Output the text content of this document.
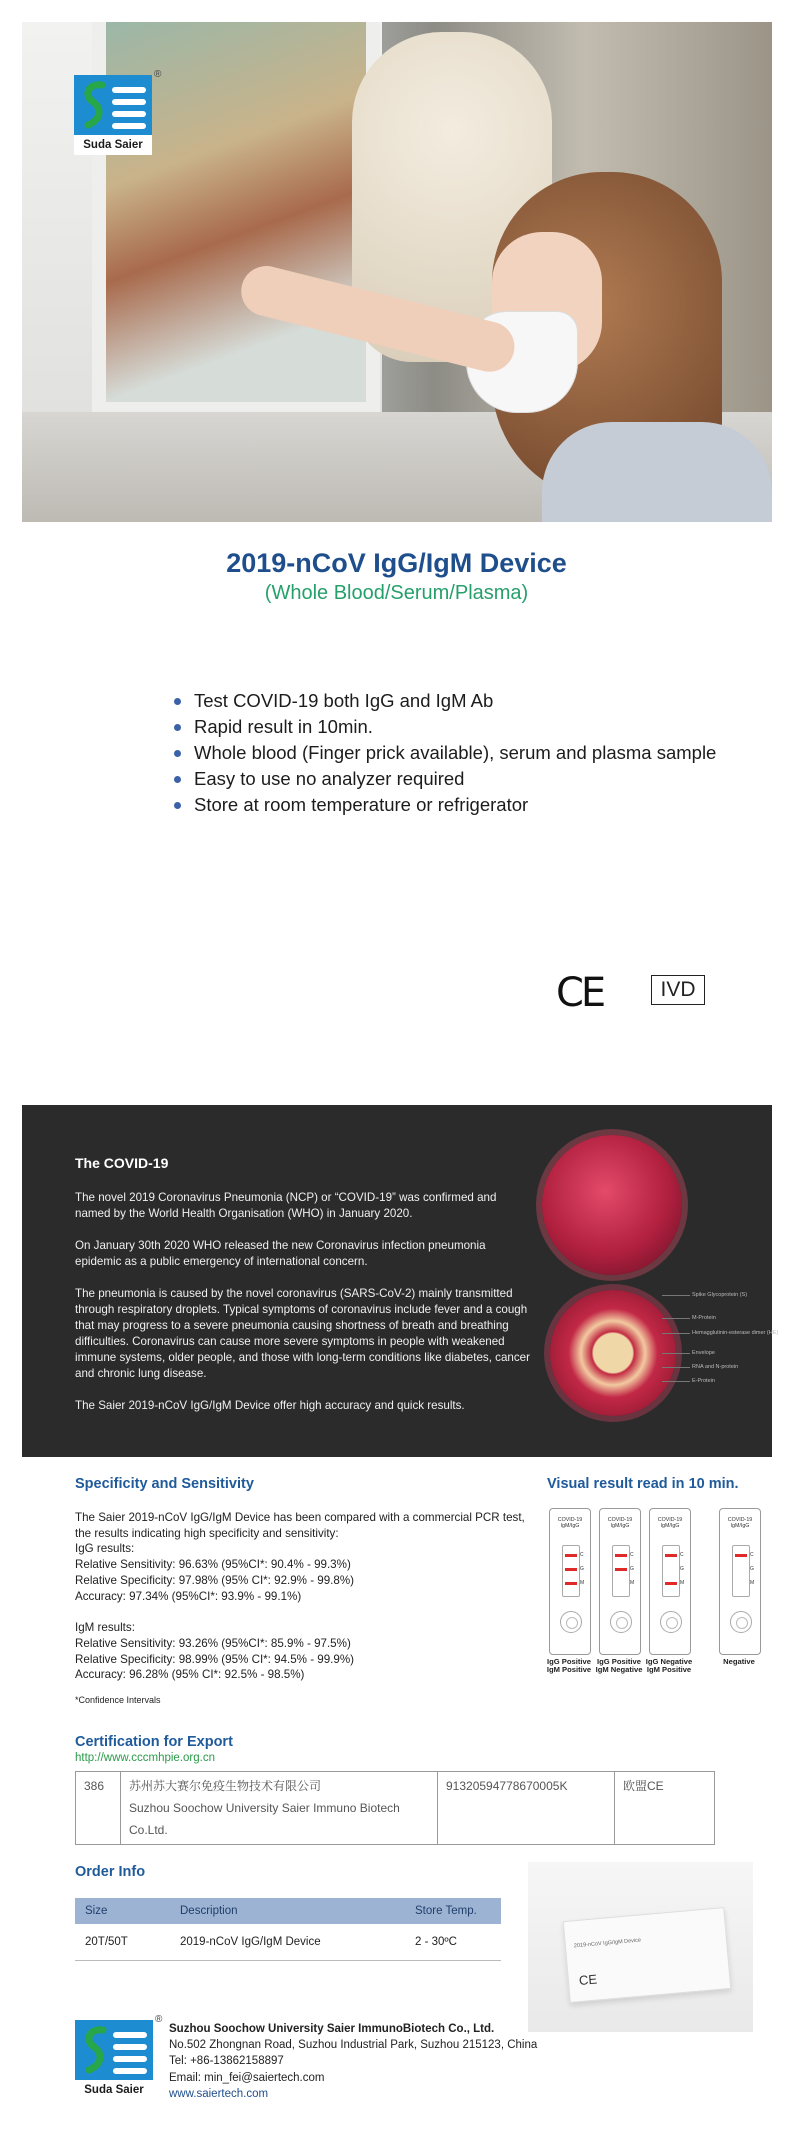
Suda Saier
®
2019-nCoV IgG/IgM Device
(Whole Blood/Serum/Plasma)
Test COVID-19 both IgG and IgM Ab
Rapid result in 10min.
Whole blood (Finger prick available), serum and plasma sample
Easy to use no analyzer required
Store at room temperature or refrigerator
CE	IVD
The COVID-19

The novel 2019 Coronavirus Pneumonia (NCP) or “COVID-19” was confirmed and named by the World Health Organisation (WHO) in January 2020.

On January 30th 2020 WHO released the new Coronavirus infection pneumonia epidemic as a public emergency of international concern.

The pneumonia is caused by the novel coronavirus (SARS-CoV-2) mainly transmitted through respiratory droplets. Typical symptoms of coronavirus include fever and a cough that may progress to a severe pneumonia causing shortness of breath and breathing difficulties. Coronavirus can cause more severe symptoms in people with weakened immune systems, older people, and those with long-term conditions like diabetes, cancer and chronic lung disease.

The Saier 2019-nCoV IgG/IgM Device offer high accuracy and quick results.

Spike Glycoprotein (S)
M-Protein
Hemagglutinin-esterase dimer (HE)
Envelope
RNA and N-protein
E-Protein
Specificity and Sensitivity

The Saier 2019-nCoV IgG/IgM Device has been compared with a commercial PCR test, the results indicating high specificity and sensitivity:

IgG results:
Relative Sensitivity: 96.63% (95%CI*: 90.4% - 99.3%)
Relative Specificity: 97.98% (95% CI*: 92.9% - 99.8%)
Accuracy: 97.34% (95%CI*: 93.9% - 99.1%)
IgM results:
Relative Sensitivity: 93.26% (95%CI*: 85.9% - 97.5%)
Relative Specificity: 98.99% (95% CI*: 94.5% - 99.9%)
Accuracy: 96.28% (95% CI*: 92.5% - 98.5%)
*Confidence Intervals
Visual result read in 10 min.
COVID-19 IgM/IgG
C
G
M
IgG Positive IgM Positive
COVID-19 IgM/IgG
C
G
M
IgG Positive IgM Negative
COVID-19 IgM/IgG
C
G
M
IgG Negative IgM Positive
COVID-19 IgM/IgG
C
G
M
Negative
Certification for Export
http://www.cccmhpie.org.cn
386	苏州苏大赛尔免疫生物技术有限公司
Suzhou Soochow University Saier Immuno Biotech
Co.Ltd.
	91320594778670005K	欧盟CE
Order Info
Size	Description	Store Temp.
20T/50T	2019-nCoV IgG/IgM Device	2 - 30ºC	2019-nCoV IgG/IgM Device
CE
Suda Saier
®
Suzhou Soochow University Saier ImmunoBiotech Co., Ltd.
No.502 Zhongnan Road, Suzhou Industrial Park, Suzhou 215123, China
Tel: +86-13862158897
Email: min_fei@saiertech.com
www.saiertech.com
